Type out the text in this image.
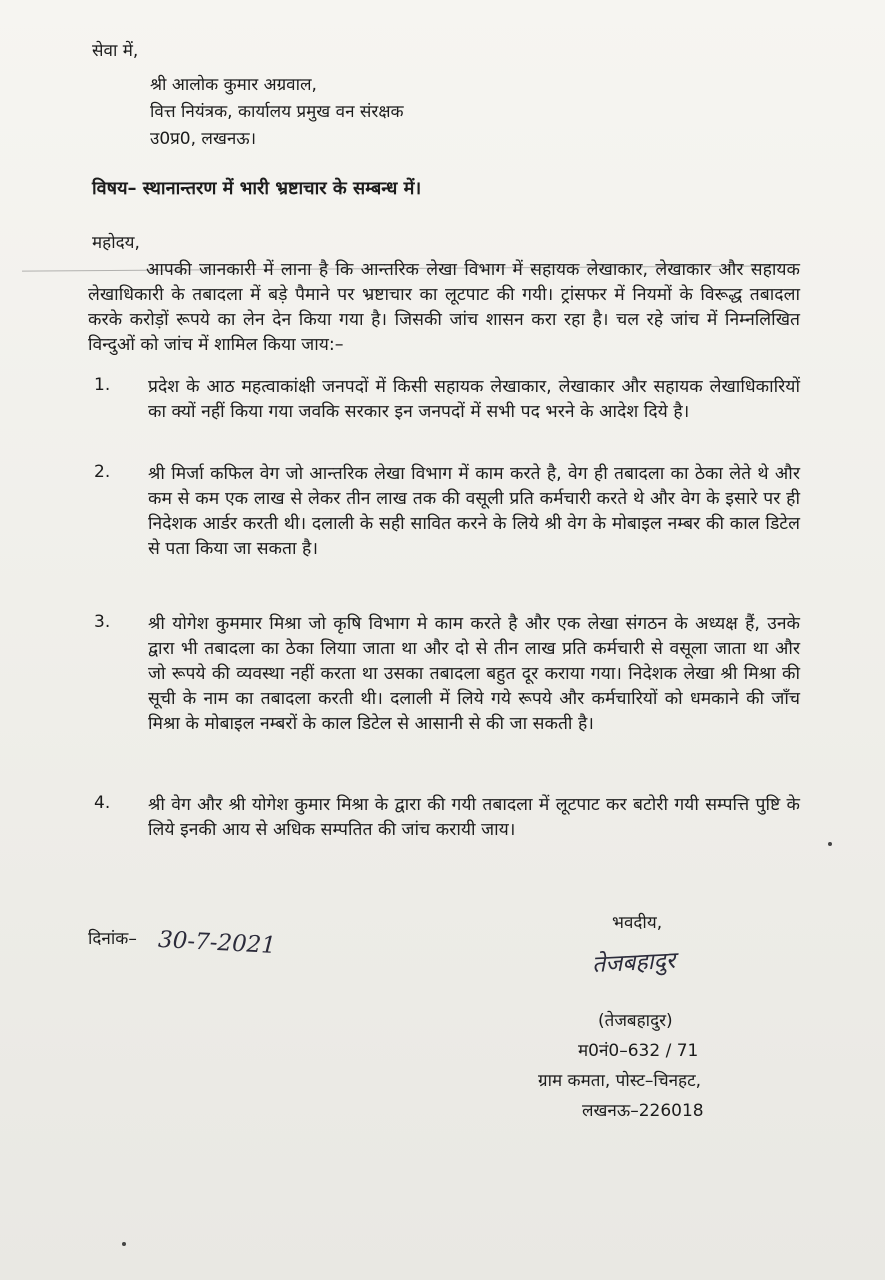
सेवा में,
श्री आलोक कुमार अग्रवाल,
वित्त नियंत्रक, कार्यालय प्रमुख वन संरक्षक
उ0प्र0, लखनऊ।
विषय– स्थानान्तरण में भारी भ्रष्टाचार के सम्बन्ध में।
महोदय,
आपकी जानकारी में लाना है कि आन्तरिक लेखा विभाग में सहायक लेखाकार, लेखाकार और सहायक लेखाधिकारी के तबादला में बड़े पैमाने पर भ्रष्टाचार का लूटपाट की गयी। ट्रांसफर में नियमों के विरूद्ध तबादला करके करोड़ों रूपये का लेन देन किया गया है। जिसकी जांच शासन करा रहा है। चल रहे जांच में निम्नलिखित विन्दुओं को जांच में शामिल किया जाय:–
1. प्रदेश के आठ महत्वाकांक्षी जनपदों में किसी सहायक लेखाकार, लेखाकार और सहायक लेखाधिकारियों का क्यों नहीं किया गया जवकि सरकार इन जनपदों में सभी पद भरने के आदेश दिये है।
2. श्री मिर्जा कफिल वेग जो आन्तरिक लेखा विभाग में काम करते है, वेग ही तबादला का ठेका लेते थे और कम से कम एक लाख से लेकर तीन लाख तक की वसूली प्रति कर्मचारी करते थे और वेग के इसारे पर ही निदेशक आर्डर करती थी। दलाली के सही सावित करने के लिये श्री वेग के मोबाइल नम्बर की काल डिटेल से पता किया जा सकता है।
3. श्री योगेश कुममार मिश्रा जो कृषि विभाग मे काम करते है और एक लेखा संगठन के अध्यक्ष हैं, उनके द्वारा भी तबादला का ठेका लियाा जाता था और दो से तीन लाख प्रति कर्मचारी से वसूला जाता था और जो रूपये की व्यवस्था नहीं करता था उसका तबादला बहुत दूर कराया गया। निदेशक लेखा श्री मिश्रा की सूची के नाम का तबादला करती थी। दलाली में लिये गये रूपये और कर्मचारियों को धमकाने की जाँच मिश्रा के मोबाइल नम्बरों के काल डिटेल से आसानी से की जा सकती है।
4. श्री वेग और श्री योगेश कुमार मिश्रा के द्वारा की गयी तबादला में लूटपाट कर बटोरी गयी सम्पत्ति पुष्टि के लिये इनकी आय से अधिक सम्पतित की जांच करायी जाय।
भवदीय,
तेजबहादुर
दिनांक– 30-7-2021
(तेजबहादुर)
म0नं0–632 / 71
ग्राम कमता, पोस्ट–चिनहट,
लखनऊ–226018
